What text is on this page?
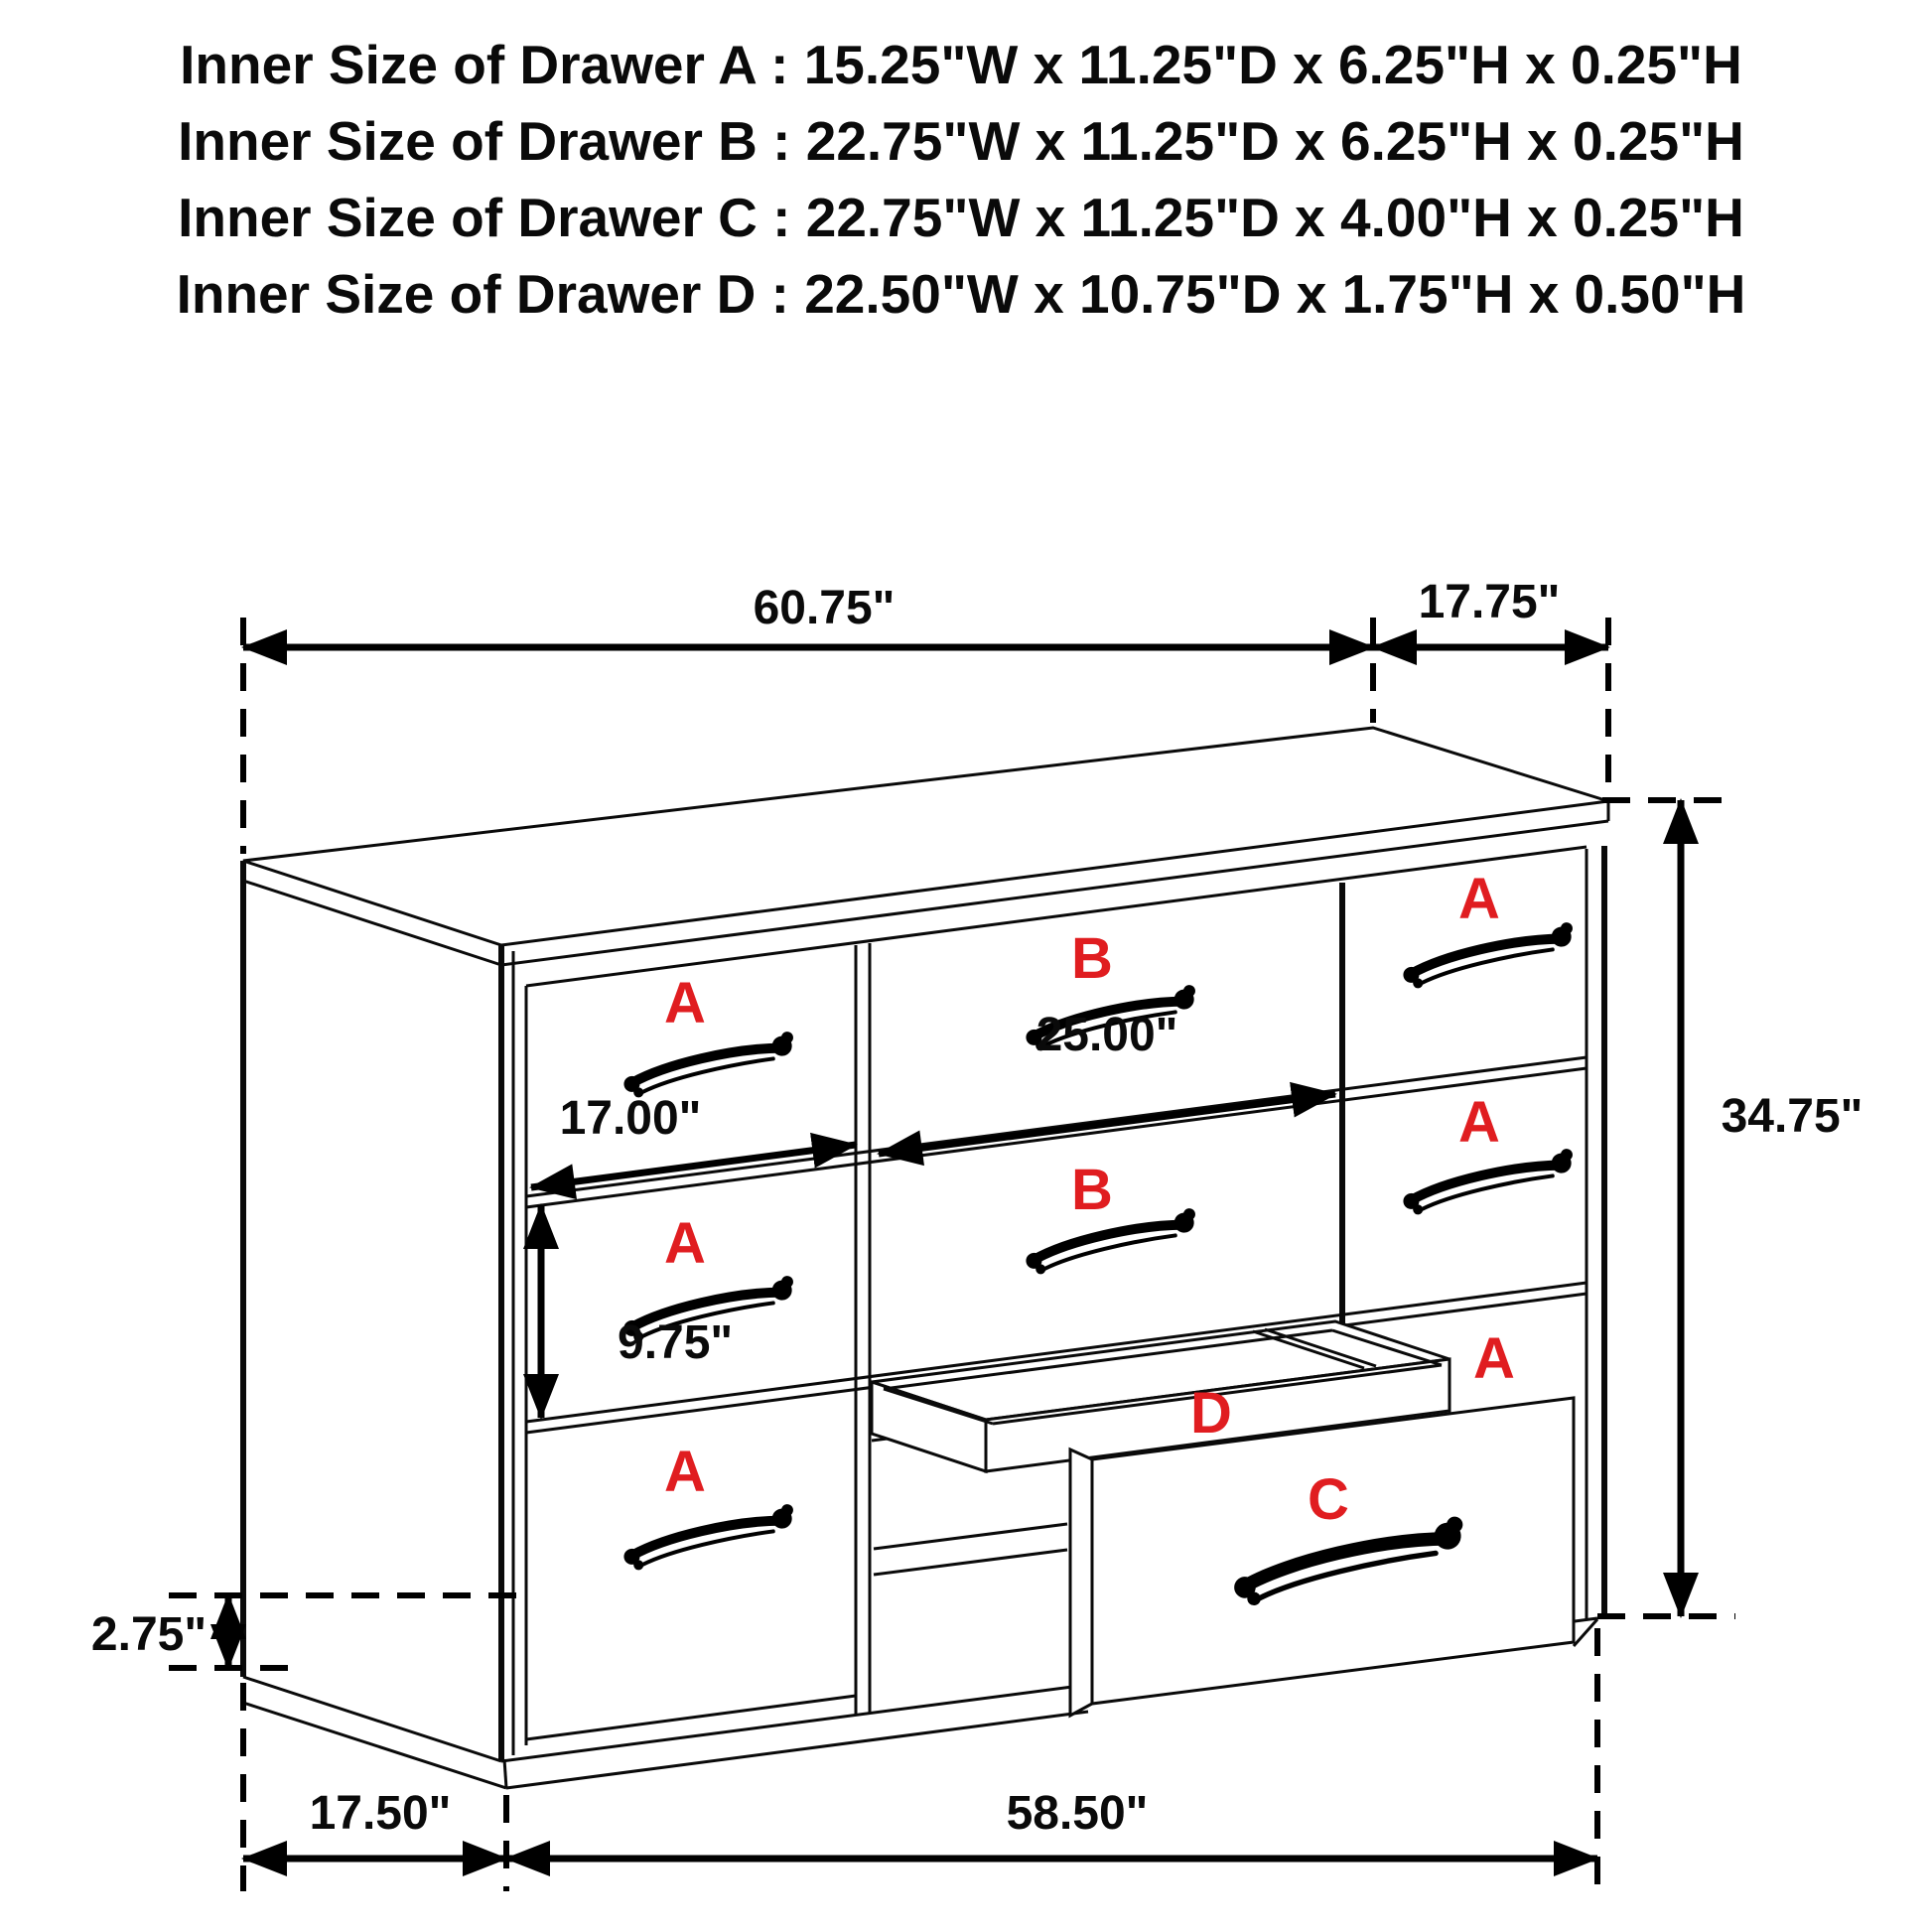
Inner Size of Drawer A : 15.25"W x 11.25"D x 6.25"H x 0.25"H
Inner Size of Drawer B : 22.75"W x 11.25"D x 6.25"H x 0.25"H
Inner Size of Drawer C : 22.75"W x 11.25"D x 4.00"H x 0.25"H
Inner Size of Drawer D : 22.50"W x 10.75"D x 1.75"H x 0.50"H
A
A
A
B
B
A
A
A
C
D
60.75"	17.75"
34.75"
17.00"
25.00"
9.75"
2.75"
17.50"	58.50"
